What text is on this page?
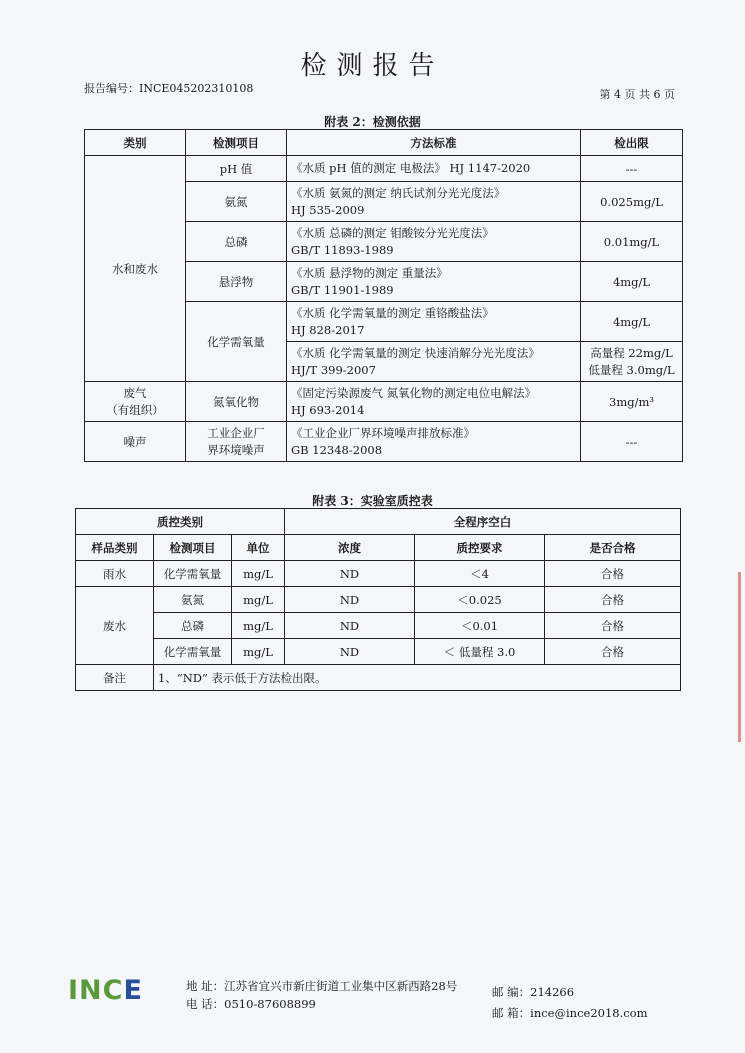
检测报告
报告编号：INCE045202310108	第 4 页 共 6 页
附表 2：检测依据
类别	检测项目	方法标准	检出限
水和废水	pH 值	《水质 pH 值的测定 电极法》 HJ 1147-2020	---
	氨氮	《水质 氨氮的测定 纳氏试剂分光光度法》
HJ 535-2009	0.025mg/L
	总磷	《水质 总磷的测定 钼酸铵分光光度法》
GB/T 11893-1989	0.01mg/L
	悬浮物	《水质 悬浮物的测定 重量法》
GB/T 11901-1989	4mg/L
	化学需氧量	《水质 化学需氧量的测定 重铬酸盐法》
HJ 828-2017	4mg/L
		《水质 化学需氧量的测定 快速消解分光光度法》
HJ/T 399-2007	高量程 22mg/L
低量程 3.0mg/L
废气
（有组织）	氮氧化物	《固定污染源废气 氮氧化物的测定电位电解法》
HJ 693-2014	3mg/m³
噪声	工业企业厂
界环境噪声	《工业企业厂界环境噪声排放标准》
GB 12348-2008	---
附表 3：实验室质控表
质控类别			全程序空白		
样品类别	检测项目	单位	浓度	质控要求	是否合格
雨水	化学需氧量	mg/L	ND	＜4	合格
废水	氨氮	mg/L	ND	＜0.025	合格
	总磷	mg/L	ND	＜0.01	合格
	化学需氧量	mg/L	ND	＜ 低量程 3.0	合格
备注	1、“ND” 表示低于方法检出限。				
INCE	地 址：江苏省宜兴市新庄街道工业集中区新西路28号	邮 编：214266
电 话：0510-87608899
邮 箱：ince@ince2018.com
